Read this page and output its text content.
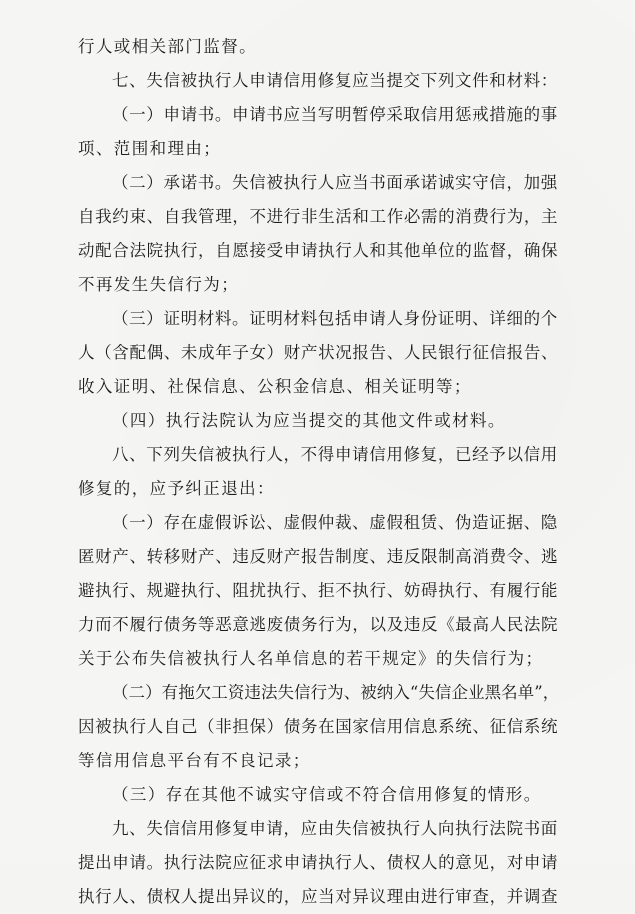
行人或相关部门监督。
七、失信被执行人申请信用修复应当提交下列文件和材料：
（一）申请书。申请书应当写明暂停采取信用惩戒措施的事
项、范围和理由；
（二）承诺书。失信被执行人应当书面承诺诚实守信，加强
自我约束、自我管理，不进行非生活和工作必需的消费行为，主
动配合法院执行，自愿接受申请执行人和其他单位的监督，确保
不再发生失信行为；
（三）证明材料。证明材料包括申请人身份证明、详细的个
人（含配偶、未成年子女）财产状况报告、人民银行征信报告、
收入证明、社保信息、公积金信息、相关证明等；
（四）执行法院认为应当提交的其他文件或材料。
八、下列失信被执行人，不得申请信用修复，已经予以信用
修复的，应予纠正退出：
（一）存在虚假诉讼、虚假仲裁、虚假租赁、伪造证据、隐
匿财产、转移财产、违反财产报告制度、违反限制高消费令、逃
避执行、规避执行、阻扰执行、拒不执行、妨碍执行、有履行能
力而不履行债务等恶意逃废债务行为，以及违反《最高人民法院
关于公布失信被执行人名单信息的若干规定》的失信行为；
（二）有拖欠工资违法失信行为、被纳入“失信企业黑名单”，
因被执行人自己（非担保）债务在国家信用信息系统、征信系统
等信用信息平台有不良记录；
（三）存在其他不诚实守信或不符合信用修复的情形。
九、失信信用修复申请，应由失信被执行人向执行法院书面
提出申请。执行法院应征求申请执行人、债权人的意见，对申请
执行人、债权人提出异议的，应当对异议理由进行审查，并调查
